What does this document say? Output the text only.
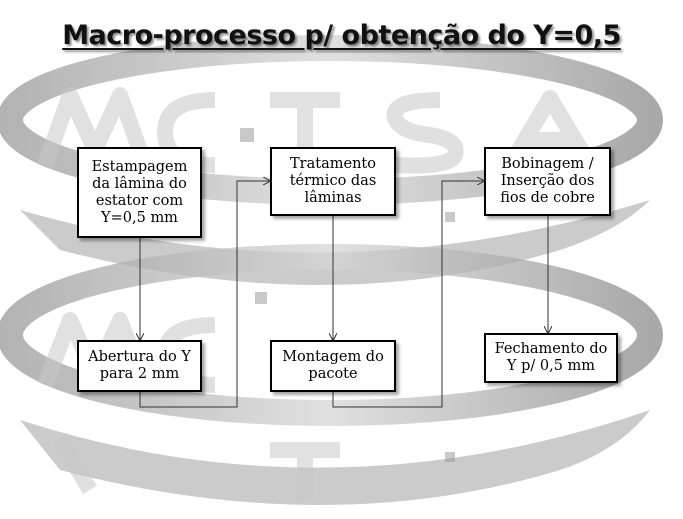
Macro-processo p/ obtenção do Y=0,5
Estampagem
da lâmina do
estator com
Y=0,5 mm
Tratamento
térmico das
lâminas
Bobinagem /
Inserção dos
fios de cobre
Abertura do Y
para 2 mm
Montagem do
pacote
Fechamento do
Y p/ 0,5 mm
